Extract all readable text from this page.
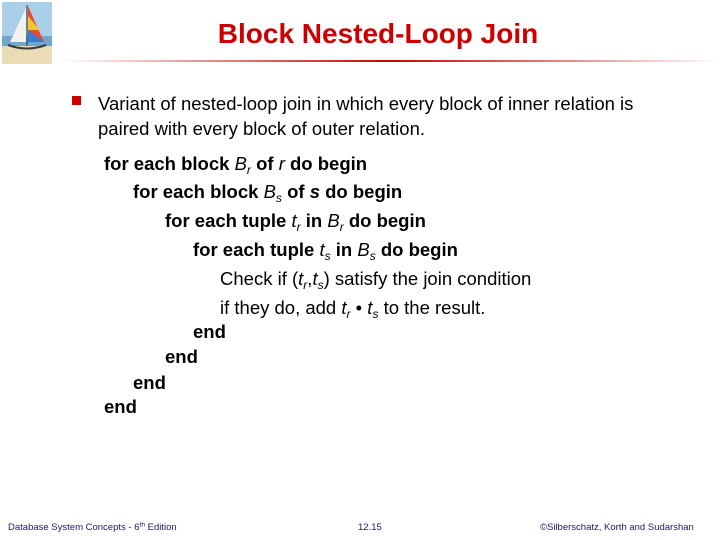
Block Nested-Loop Join
Variant of nested-loop join in which every block of inner relation is paired with every block of outer relation.
for each block $B_r$ of r do begin
for each block $B_s$ of s do begin
for each tuple $t_r$ in $B_r$ do begin
for each tuple $t_s$ in $B_s$ do begin
Check if $(t_r,t_s)$ satisfy the join condition
if they do, add $t_r$ • $t_s$ to the result.
end
end
end
end
Database System Concepts - 6th Edition	12.15	©Silberschatz, Korth and Sudarshan
